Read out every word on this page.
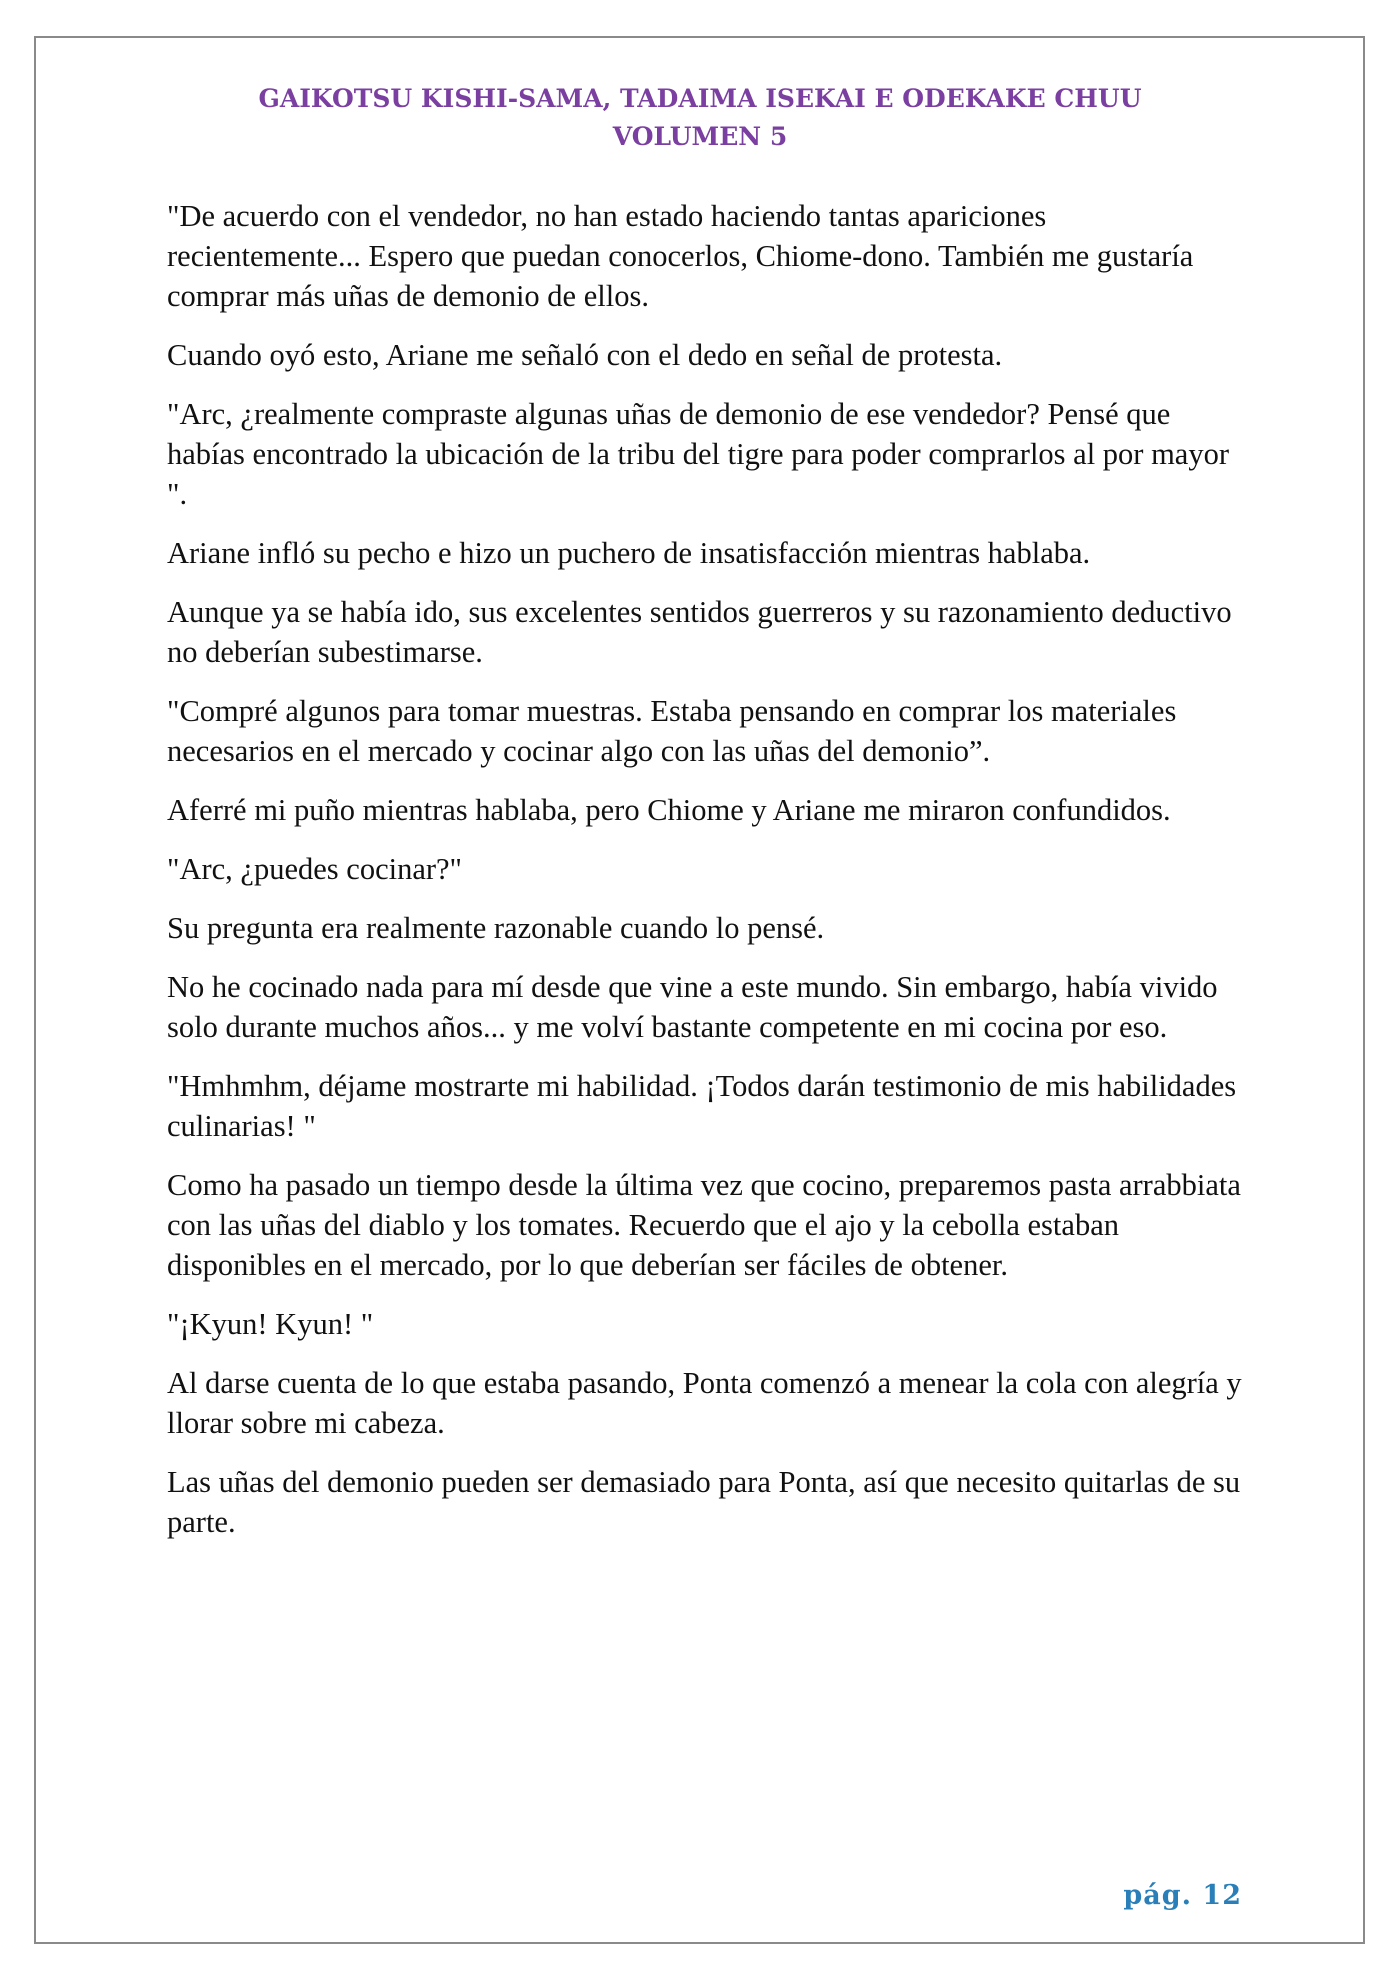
GAIKOTSU KISHI-SAMA, TADAIMA ISEKAI E ODEKAKE CHUU
VOLUMEN 5

"De acuerdo con el vendedor, no han estado haciendo tantas apariciones recientemente... Espero que puedan conocerlos, Chiome-dono. También me gustaría comprar más uñas de demonio de ellos.

Cuando oyó esto, Ariane me señaló con el dedo en señal de protesta.

"Arc, ¿realmente compraste algunas uñas de demonio de ese vendedor? Pensé que habías encontrado la ubicación de la tribu del tigre para poder comprarlos al por mayor ".

Ariane infló su pecho e hizo un puchero de insatisfacción mientras hablaba.

Aunque ya se había ido, sus excelentes sentidos guerreros y su razonamiento deductivo no deberían subestimarse.

"Compré algunos para tomar muestras. Estaba pensando en comprar los materiales necesarios en el mercado y cocinar algo con las uñas del demonio”.

Aferré mi puño mientras hablaba, pero Chiome y Ariane me miraron confundidos.

"Arc, ¿puedes cocinar?"

Su pregunta era realmente razonable cuando lo pensé.

No he cocinado nada para mí desde que vine a este mundo. Sin embargo, había vivido solo durante muchos años... y me volví bastante competente en mi cocina por eso.

"Hmhmhm, déjame mostrarte mi habilidad. ¡Todos darán testimonio de mis habilidades culinarias! "

Como ha pasado un tiempo desde la última vez que cocino, preparemos pasta arrabbiata con las uñas del diablo y los tomates. Recuerdo que el ajo y la cebolla estaban disponibles en el mercado, por lo que deberían ser fáciles de obtener.

"¡Kyun! Kyun! "

Al darse cuenta de lo que estaba pasando, Ponta comenzó a menear la cola con alegría y llorar sobre mi cabeza.

Las uñas del demonio pueden ser demasiado para Ponta, así que necesito quitarlas de su parte.

pág. 12
